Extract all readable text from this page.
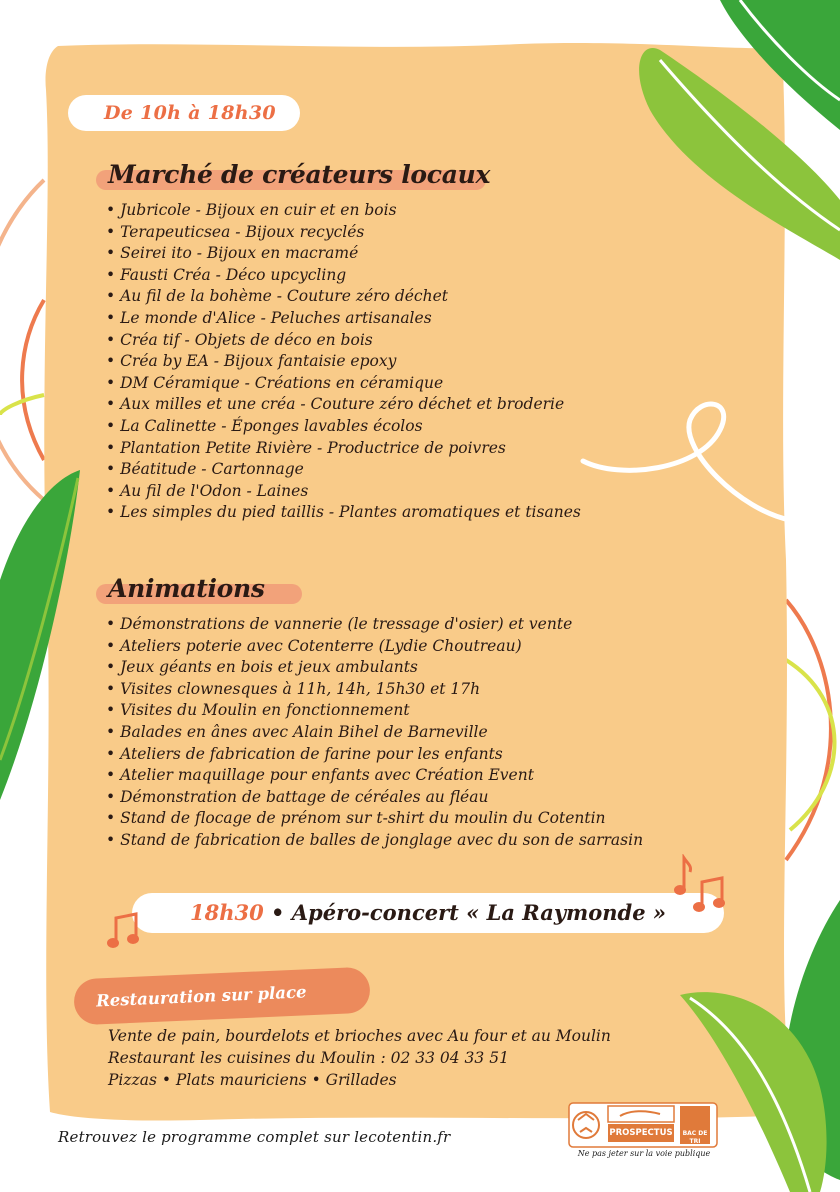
De 10h à 18h30
Marché de créateurs locaux
• Jubricole - Bijoux en cuir et en bois
• Terapeuticsea - Bijoux recyclés
• Seirei ito - Bijoux en macramé
• Fausti Créa - Déco upcycling
• Au fil de la bohème - Couture zéro déchet
• Le monde d'Alice - Peluches artisanales
• Créa tif - Objets de déco en bois
• Créa by EA - Bijoux fantaisie epoxy
• DM Céramique - Créations en céramique
• Aux milles et une créa - Couture zéro déchet et broderie
• La Calinette - Éponges lavables écolos
• Plantation Petite Rivière - Productrice de poivres
• Béatitude - Cartonnage
• Au fil de l'Odon - Laines
• Les simples du pied taillis - Plantes aromatiques et tisanes
Animations
• Démonstrations de vannerie (le tressage d'osier) et vente
• Ateliers poterie avec Cotenterre (Lydie Choutreau)
• Jeux géants en bois et jeux ambulants
• Visites clownesques à 11h, 14h, 15h30 et 17h
• Visites du Moulin en fonctionnement
• Balades en ânes avec Alain Bihel de Barneville
• Ateliers de fabrication de farine pour les enfants
• Atelier maquillage pour enfants avec Création Event
• Démonstration de battage de céréales au fléau
• Stand de flocage de prénom sur t-shirt du moulin du Cotentin
• Stand de fabrication de balles de jonglage avec du son de sarrasin
18h30 • Apéro-concert « La Raymonde »
Restauration sur place
Vente de pain, bourdelots et brioches avec Au four et au Moulin
Restaurant les cuisines du Moulin : 02 33 04 33 51
Pizzas • Plats mauriciens • Grillades
Retrouvez le programme complet sur lecotentin.fr	PROSPECTUS	BAC DE TRI
Ne pas jeter sur la voie publique
